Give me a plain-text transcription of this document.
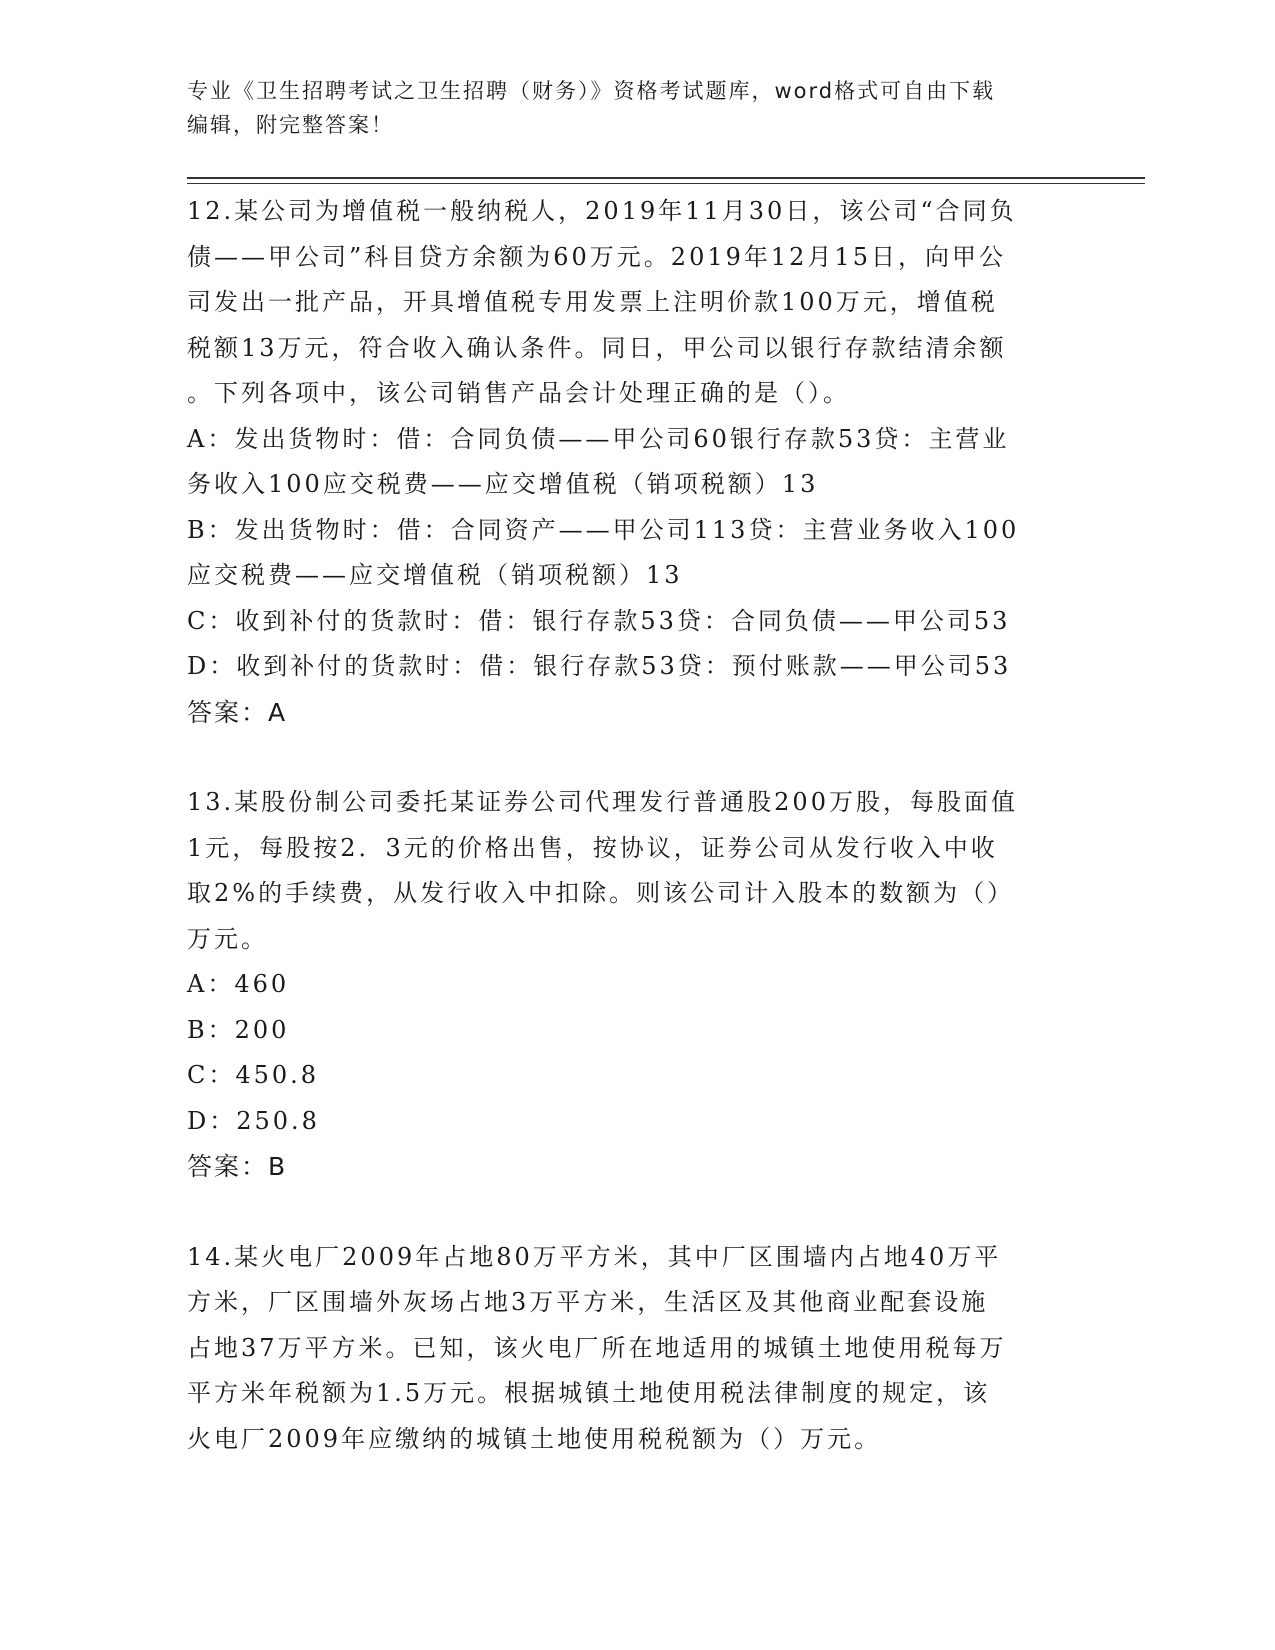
专业《卫生招聘考试之卫生招聘（财务）》资格考试题库，word格式可自由下载
编辑，附完整答案！
12.某公司为增值税一般纳税人，2019年11月30日，该公司“合同负
债——甲公司”科目贷方余额为60万元。2019年12月15日，向甲公
司发出一批产品，开具增值税专用发票上注明价款100万元，增值税
税额13万元，符合收入确认条件。同日，甲公司以银行存款结清余额
。下列各项中，该公司销售产品会计处理正确的是（）。
A：发出货物时：借：合同负债——甲公司60银行存款53贷：主营业
务收入100应交税费——应交增值税（销项税额）13
B：发出货物时：借：合同资产——甲公司113贷：主营业务收入100
应交税费——应交增值税（销项税额）13
C：收到补付的货款时：借：银行存款53贷：合同负债——甲公司53
D：收到补付的货款时：借：银行存款53贷：预付账款——甲公司53
答案：A
13.某股份制公司委托某证券公司代理发行普通股200万股，每股面值
1元，每股按2．3元的价格出售，按协议，证券公司从发行收入中收
取2%的手续费，从发行收入中扣除。则该公司计入股本的数额为（）
万元。
A：460
B：200
C：450.8
D：250.8
答案：B
14.某火电厂2009年占地80万平方米，其中厂区围墙内占地40万平
方米，厂区围墙外灰场占地3万平方米，生活区及其他商业配套设施
占地37万平方米。已知，该火电厂所在地适用的城镇土地使用税每万
平方米年税额为1.5万元。根据城镇土地使用税法律制度的规定，该
火电厂2009年应缴纳的城镇土地使用税税额为（）万元。
